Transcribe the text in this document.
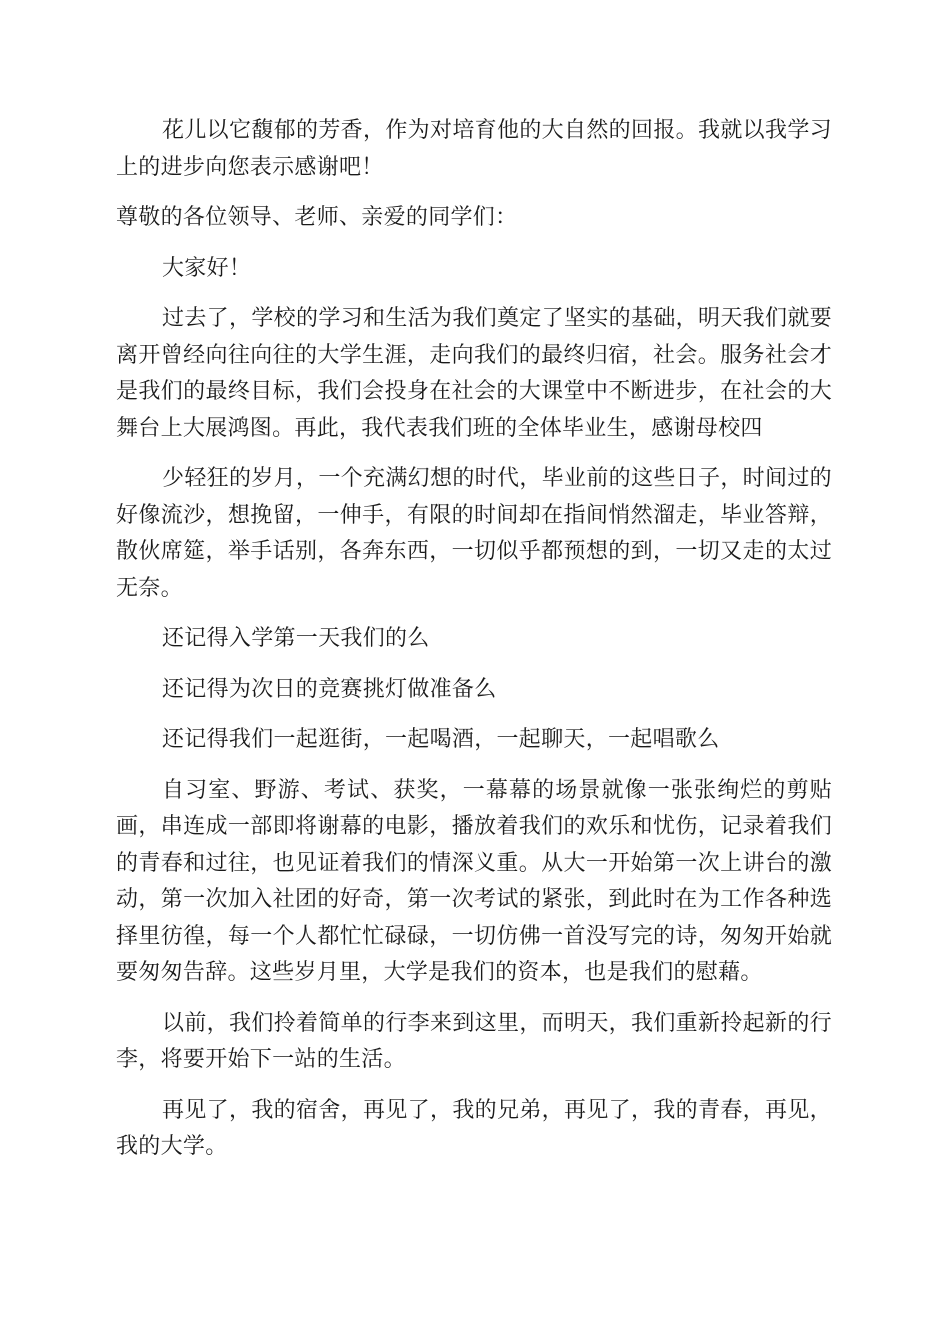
花儿以它馥郁的芳香，作为对培育他的大自然的回报。我就以我学习上的进步向您表示感谢吧！

尊敬的各位领导、老师、亲爱的同学们：

大家好！

过去了，学校的学习和生活为我们奠定了坚实的基础，明天我们就要离开曾经向往向往的大学生涯，走向我们的最终归宿，社会。服务社会才是我们的最终目标，我们会投身在社会的大课堂中不断进步，在社会的大舞台上大展鸿图。再此，我代表我们班的全体毕业生，感谢母校四

少轻狂的岁月，一个充满幻想的时代，毕业前的这些日子，时间过的好像流沙，想挽留，一伸手，有限的时间却在指间悄然溜走，毕业答辩，散伙席筵，举手话别，各奔东西，一切似乎都预想的到，一切又走的太过无奈。

还记得入学第一天我们的么

还记得为次日的竞赛挑灯做准备么

还记得我们一起逛街，一起喝酒，一起聊天，一起唱歌么

自习室、野游、考试、获奖，一幕幕的场景就像一张张绚烂的剪贴画，串连成一部即将谢幕的电影，播放着我们的欢乐和忧伤，记录着我们的青春和过往，也见证着我们的情深义重。从大一开始第一次上讲台的激动，第一次加入社团的好奇，第一次考试的紧张，到此时在为工作各种选择里彷徨，每一个人都忙忙碌碌，一切仿佛一首没写完的诗，匆匆开始就要匆匆告辞。这些岁月里，大学是我们的资本，也是我们的慰藉。

以前，我们拎着简单的行李来到这里，而明天，我们重新拎起新的行李，将要开始下一站的生活。

再见了，我的宿舍，再见了，我的兄弟，再见了，我的青春，再见，我的大学。
